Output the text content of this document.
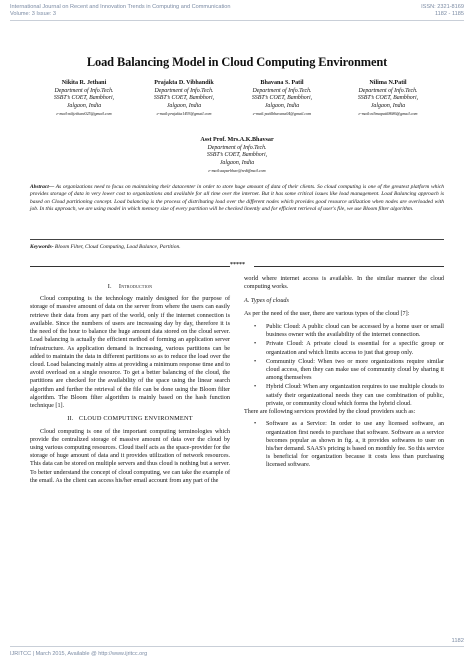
International Journal on Recent and Innovation Trends in Computing and Communication
Volume: 3 Issue: 3
ISSN: 2321-8169
1182 - 1185
Load Balancing Model in Cloud Computing Environment
Nikita R. Jethani
Department of Info.Tech.
SSBT’s COET, Bambhori,
Jalgaon, India
e-mail:nikjethani025@gmail.com
Prajakta D. Vibhandik
Department of Info.Tech.
SSBT’s COET, Bambhori,
Jalgaon, India
e-mail:prajakta1493@gmail.com
Bhavana S. Patil
Department of Info.Tech.
SSBT’s COET, Bambhori,
Jalgaon, India
e-mail:patilbhavana04@gmail.com
Nilima N.Patil
Department of Info.Tech.
SSBT’s COET, Bambhori,
Jalgaon, India
e-mail:nilimapatil8686@gmail.com
Asst Prof. Mrs.A.K.Bhavsar
Department of Info.Tech.
SSBT’s COET, Bambhori,
Jalgaon, India
e-mail:aaparbhav@rediffmail.com
Abstract— As organizations need to focus on maintaining their datacenter in order to store huge amount of data of their clients. So cloud computing is one of the greatest platform which provides storage of data in very lower cost to organizations and available for all time over the internet. But it has some critical issues like load management. Load Balancing approach is based on Cloud partitioning concept. Load balancing is the process of distributing load over the different nodes which provides good resource utilization when nodes are overloaded with job. In this approach, we are using model in which memory size of every partition will be checked linently and for efficient retrieval of user's file, we use Bloom filter algorithm.
Keywords- Bloom Filter, Cloud Computing, Load Balance, Partition.
*****
I. Introduction

Cloud computing is the technology mainly designed for the purpose of storage of massive amount of data on the server from where the users can easily retrieve their data from any part of the world, only if the internet connection is available. Since the numbers of users are increasing day by day, therefore it is the need of the hour to balance the huge amount data stored on the cloud server. Load balancing is actually the efficient method of forming an application server infrastructure. As application demand is increasing, various partitions can be added to maintain the data in different partitions so as to reduce the load over the cloud. Load balancing mainly aims at providing a minimum response time and to avoid overload on a single resource. To get a better balancing of the cloud, the partitions are checked for the availability of the space using the linear search algorithm and further the retrieval of the file can be done using the Bloom filter algorithm. The Bloom filter algorithm is mainly based on the hash function technique [1].

II. CLOUD COMPUTING ENVIRONMENT

Cloud computing is one of the important computing terminologies which provide the centralized storage of massive amount of data over the cloud by using various computing resources. Cloud itself acts as the space-provider for the storage of huge amount of data and it provides utilization of network resources. This data can be stored on multiple servers and thus cloud is nothing but a server. To better understand the concept of cloud computing, we can take the example of the email. As the client can access his/her email account from any part of the

world where internet access is available. In the similar manner the cloud computing works.

A. Types of clouds

As per the need of the user, there are various types of the cloud [7]:

• Public Cloud: A public cloud can be accessed by a home user or small business owner with the availability of the internet connection.

• Private Cloud: A private cloud is essential for a specific group or organization and which limits access to just that group only.

• Community Cloud: When two or more organizations require similar cloud access, then they can make use of community cloud by sharing it among themselves

• Hybrid Cloud: When any organization requires to use multiple clouds to satisfy their organizational needs they can use combination of public, private, or community cloud which forms the hybrid cloud.

There are following services provided by the cloud providers such as:

• Software as a Service: In order to use any licensed software, an organization first needs to purchase that software. Software as a service becomes popular as shown in fig. a, it provides softwares to user on his/her demand. SAAS's pricing is based on monthly fee. So this service is beneficial for organization because it costs less than purchasing licensed software.

1182
IJRITCC | March 2015, Available @ http://www.ijritcc.org
